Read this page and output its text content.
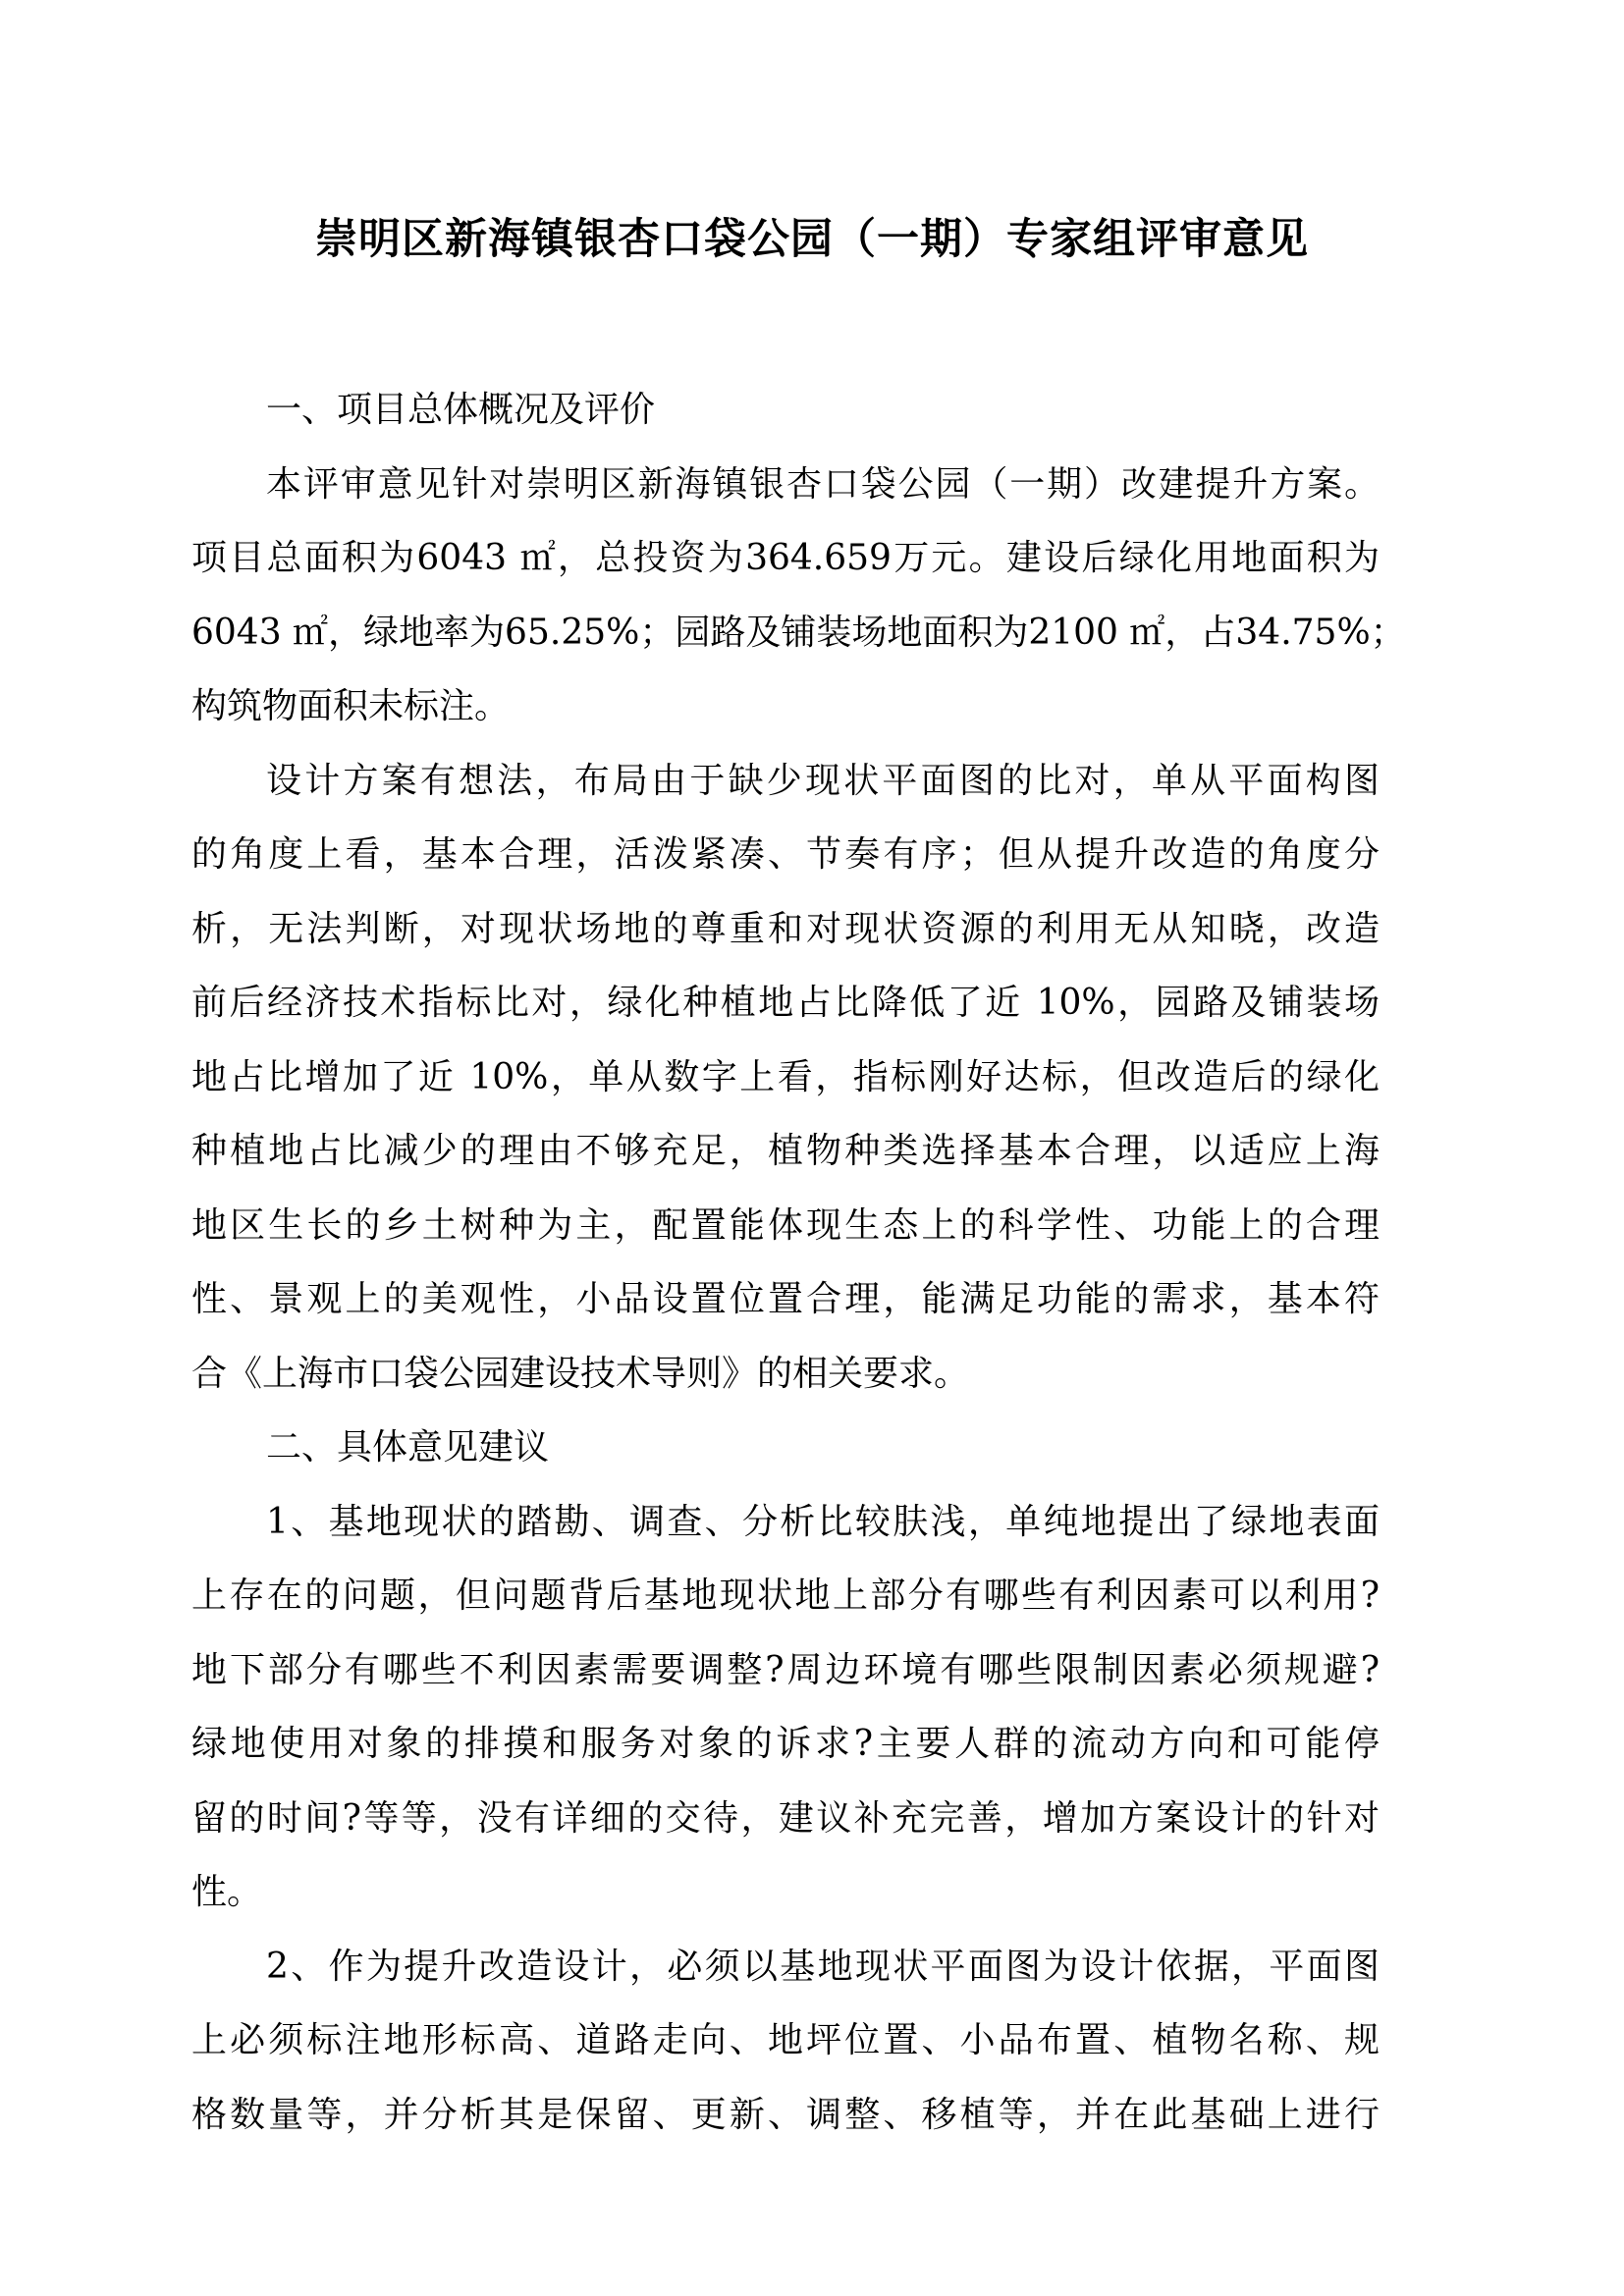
崇明区新海镇银杏口袋公园（一期）专家组评审意见
一、项目总体概况及评价
本评审意见针对崇明区新海镇银杏口袋公园（一期）改建提升方案。
项目总面积为6043 ㎡，总投资为364.659万元。建设后绿化用地面积为
6043 ㎡，绿地率为65.25%；园路及铺装场地面积为2100 ㎡，占34.75%；
构筑物面积未标注。
设计方案有想法，布局由于缺少现状平面图的比对，单从平面构图
的角度上看，基本合理，活泼紧凑、节奏有序；但从提升改造的角度分
析，无法判断，对现状场地的尊重和对现状资源的利用无从知晓，改造
前后经济技术指标比对，绿化种植地占比降低了近 10%，园路及铺装场
地占比增加了近 10%，单从数字上看，指标刚好达标，但改造后的绿化
种植地占比减少的理由不够充足，植物种类选择基本合理，以适应上海
地区生长的乡土树种为主，配置能体现生态上的科学性、功能上的合理
性、景观上的美观性，小品设置位置合理，能满足功能的需求，基本符
合《上海市口袋公园建设技术导则》的相关要求。
二、具体意见建议
1、基地现状的踏勘、调查、分析比较肤浅，单纯地提出了绿地表面
上存在的问题，但问题背后基地现状地上部分有哪些有利因素可以利用?
地下部分有哪些不利因素需要调整?周边环境有哪些限制因素必须规避?
绿地使用对象的排摸和服务对象的诉求?主要人群的流动方向和可能停
留的时间?等等，没有详细的交待，建议补充完善，增加方案设计的针对
性。
2、作为提升改造设计，必须以基地现状平面图为设计依据，平面图
上必须标注地形标高、道路走向、地坪位置、小品布置、植物名称、规
格数量等，并分析其是保留、更新、调整、移植等，并在此基础上进行
